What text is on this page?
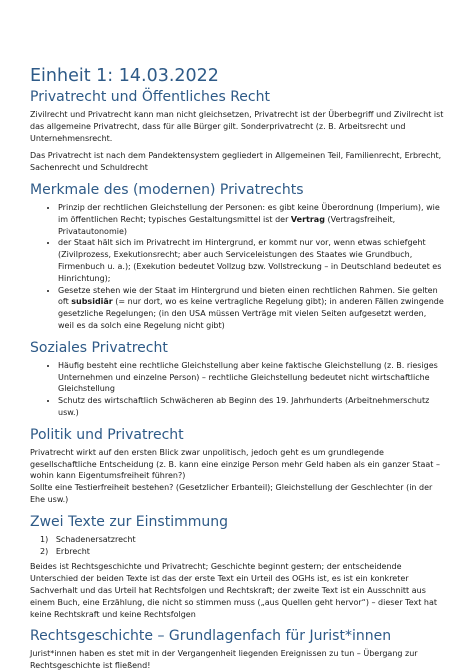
Einheit 1: 14.03.2022
Privatrecht und Öffentliches Recht

Zivilrecht und Privatrecht kann man nicht gleichsetzen, Privatrecht ist der Überbegriff und Zivilrecht ist das allgemeine Privatrecht, dass für alle Bürger gilt. Sonderprivatrecht (z. B. Arbeitsrecht und Unternehmensrecht.

Das Privatrecht ist nach dem Pandektensystem gegliedert in Allgemeinen Teil, Familienrecht, Erbrecht, Sachenrecht und Schuldrecht

Merkmale des (modernen) Privatrechts
• Prinzip der rechtlichen Gleichstellung der Personen: es gibt keine Überordnung (Imperium), wie im öffentlichen Recht; typisches Gestaltungsmittel ist der Vertrag (Vertragsfreiheit, Privatautonomie)
• der Staat hält sich im Privatrecht im Hintergrund, er kommt nur vor, wenn etwas schiefgeht (Zivilprozess, Exekutionsrecht; aber auch Serviceleistungen des Staates wie Grundbuch, Firmenbuch u. a.); (Exekution bedeutet Vollzug bzw. Vollstreckung – in Deutschland bedeutet es Hinrichtung);
• Gesetze stehen wie der Staat im Hintergrund und bieten einen rechtlichen Rahmen. Sie gelten oft subsidiär (= nur dort, wo es keine vertragliche Regelung gibt); in anderen Fällen zwingende gesetzliche Regelungen; (in den USA müssen Verträge mit vielen Seiten aufgesetzt werden, weil es da solch eine Regelung nicht gibt)
Soziales Privatrecht
• Häufig besteht eine rechtliche Gleichstellung aber keine faktische Gleichstellung (z. B. riesiges Unternehmen und einzelne Person) – rechtliche Gleichstellung bedeutet nicht wirtschaftliche Gleichstellung
• Schutz des wirtschaftlich Schwächeren ab Beginn des 19. Jahrhunderts (Arbeitnehmerschutz usw.)
Politik und Privatrecht

Privatrecht wirkt auf den ersten Blick zwar unpolitisch, jedoch geht es um grundlegende gesellschaftliche Entscheidung (z. B. kann eine einzige Person mehr Geld haben als ein ganzer Staat – wohin kann Eigentumsfreiheit führen?)

Sollte eine Testierfreiheit bestehen? (Gesetzlicher Erbanteil); Gleichstellung der Geschlechter (in der Ehe usw.)

Zwei Texte zur Einstimmung
1)   Schadenersatzrecht
2)   Erbrecht

Beides ist Rechtsgeschichte und Privatrecht; Geschichte beginnt gestern; der entscheidende Unterschied der beiden Texte ist das der erste Text ein Urteil des OGHs ist, es ist ein konkreter Sachverhalt und das Urteil hat Rechtsfolgen und Rechtskraft; der zweite Text ist ein Ausschnitt aus einem Buch, eine Erzählung, die nicht so stimmen muss („aus Quellen geht hervor“) – dieser Text hat keine Rechtskraft und keine Rechtsfolgen

Rechtsgeschichte – Grundlagenfach für Jurist*innen

Jurist*innen haben es stet mit in der Vergangenheit liegenden Ereignissen zu tun – Übergang zur Rechtsgeschichte ist fließend!
